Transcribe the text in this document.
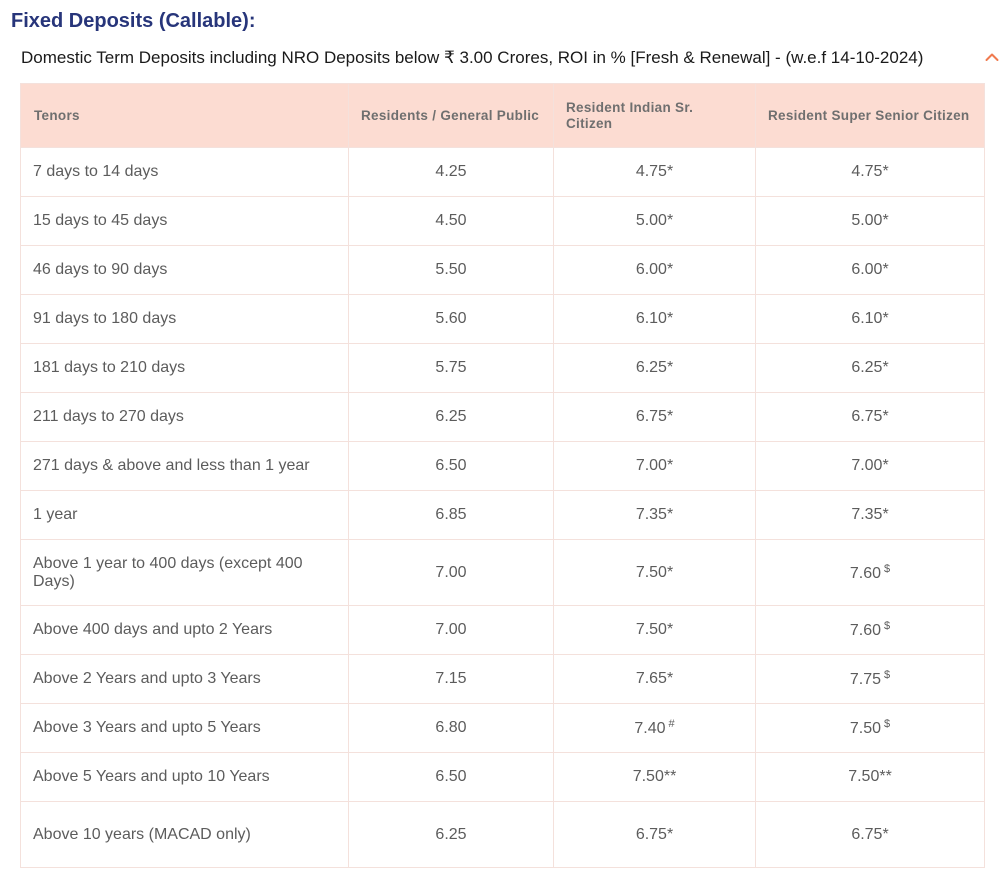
Fixed Deposits (Callable):
Domestic Term Deposits including NRO Deposits below ₹ 3.00 Crores, ROI in % [Fresh & Renewal] - (w.e.f 14-10-2024)
Tenors	Residents / General Public	Resident Indian Sr. Citizen	Resident Super Senior Citizen
7 days to 14 days	4.25	4.75*	4.75*
15 days to 45 days	4.50	5.00*	5.00*
46 days to 90 days	5.50	6.00*	6.00*
91 days to 180 days	5.60	6.10*	6.10*
181 days to 210 days	5.75	6.25*	6.25*
211 days to 270 days	6.25	6.75*	6.75*
271 days & above and less than 1 year	6.50	7.00*	7.00*
1 year	6.85	7.35*	7.35*
Above 1 year to 400 days (except 400 Days)	7.00	7.50*	7.60 $
Above 400 days and upto 2 Years	7.00	7.50*	7.60 $
Above 2 Years and upto 3 Years	7.15	7.65*	7.75 $
Above 3 Years and upto 5 Years	6.80	7.40 #	7.50 $
Above 5 Years and upto 10 Years	6.50	7.50**	7.50**
Above 10 years (MACAD only)	6.25	6.75*	6.75*
